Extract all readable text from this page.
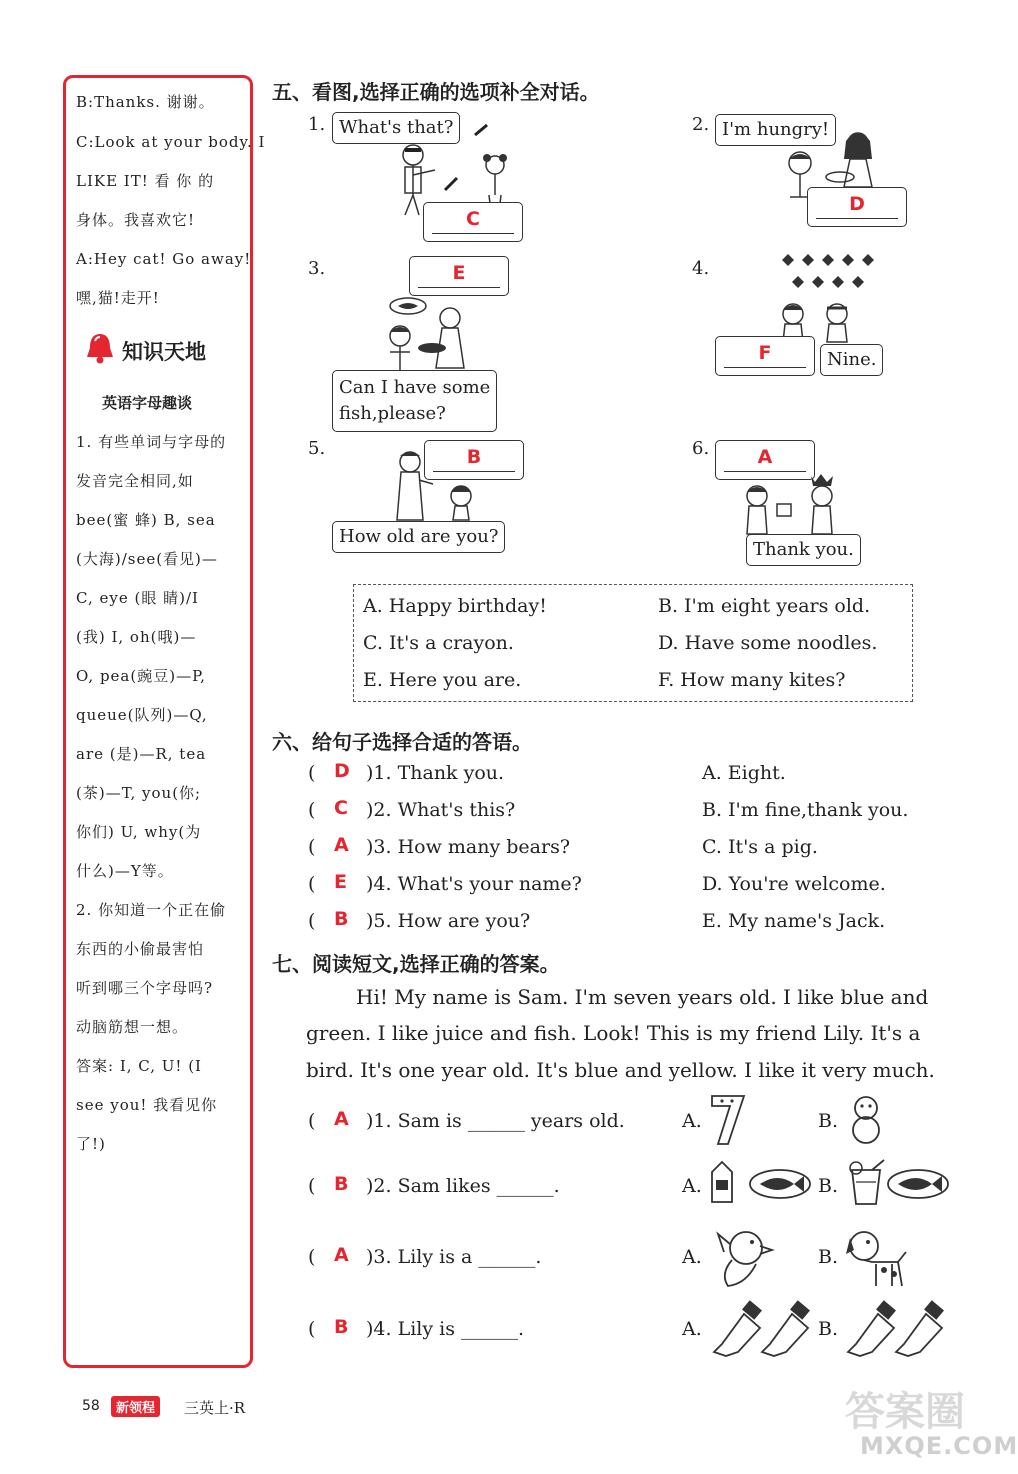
B:Thanks. 谢谢。
C:Look at your body. I
LIKE IT! 看 你 的
身体。我喜欢它!
A:Hey cat! Go away!
嘿,猫!走开!
知识天地
英语字母趣谈
1. 有些单词与字母的
发音完全相同,如
bee(蜜 蜂) B, sea
(大海)/see(看见)—
C, eye (眼 睛)/I
(我) I, oh(哦)—
O, pea(豌豆)—P,
queue(队列)—Q,
are (是)—R, tea
(茶)—T, you(你;
你们) U, why(为
什么)—Y等。
2. 你知道一个正在偷
东西的小偷最害怕
听到哪三个字母吗?
动脑筋想一想。
答案: I, C, U! (I
see you! 我看见你
了!)
五、看图,选择正确的选项补全对话。
1. What's that?
C
2. I'm hungry!
D
3.	E
Can I have some
fish,please?
4.
F	Nine.
5.	B
How old are you?
6.	A
Thank you.
A. Happy birthday!	B. I'm eight years old.
C. It's a crayon.	D. Have some noodles.
E. Here you are.	F. How many kites?
六、给句子选择合适的答语。
( D )1. Thank you.	A. Eight.
( C )2. What's this?	B. I'm fine,thank you.
( A )3. How many bears?	C. It's a pig.
( E )4. What's your name?	D. You're welcome.
( B )5. How are you?	E. My name's Jack.
七、阅读短文,选择正确的答案。
Hi! My name is Sam. I'm seven years old. I like blue and
green. I like juice and fish. Look! This is my friend Lily. It's a
bird. It's one year old. It's blue and yellow. I like it very much.
( A )1. Sam is ______ years old.	A.	B.
( B )2. Sam likes ______.	A.	B.
( A )3. Lily is a ______.	A.	B.
( B )4. Lily is ______.	A.	B.
58	新领程	三英上·R	答案圈
MXQE.COM
